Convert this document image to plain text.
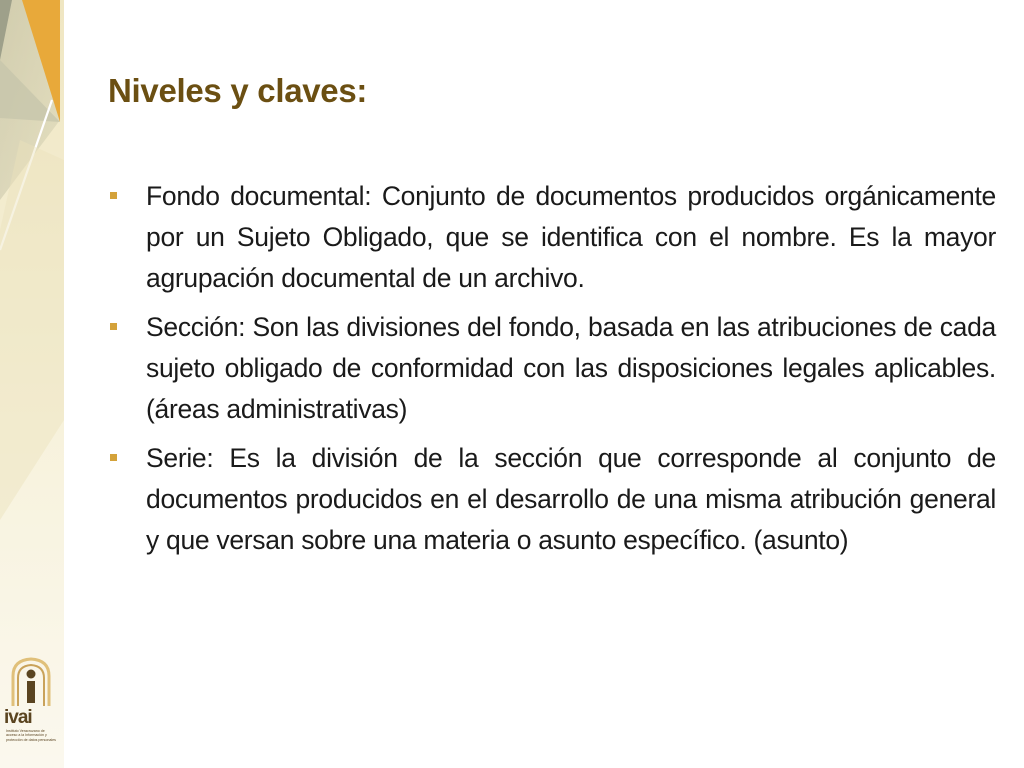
Niveles y claves:
Fondo documental: Conjunto de documentos producidos orgánicamente por un Sujeto Obligado, que se identifica con el nombre. Es la mayor agrupación documental de un archivo.
Sección: Son las divisiones del fondo, basada en las atribuciones de cada sujeto obligado de conformidad con las disposiciones legales aplicables. (áreas administrativas)
Serie: Es la división de la sección que corresponde al conjunto de documentos producidos en el desarrollo de una misma atribución general y que versan sobre una materia o asunto específico. (asunto)
ivai
Instituto Veracruzano de acceso a la Información y protección de datos personales
